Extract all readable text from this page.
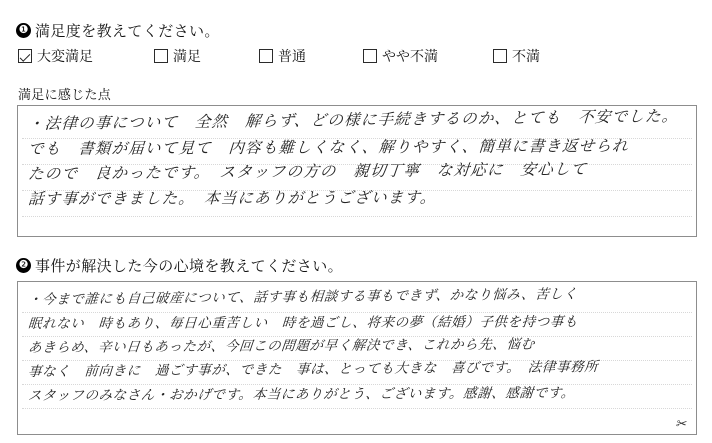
❶ 満足度を教えてください。
大変満足	満足	普通	やや不満	不満
満足に感じた点
・法律の事について　全然　解らず、どの様に手続きするのか、とても　不安でした。
でも　書類が届いて見て　内容も難しくなく、解りやすく、簡単に書き返せられ
たので　良かったです。　スタッフの方の　親切丁寧　な対応に　安心して
話す事ができました。　本当にありがとうございます。
❷ 事件が解決した今の心境を教えてください。
・今まで誰にも自己破産について、話す事も相談する事もできず、かなり悩み、苦しく
眠れない　時もあり、毎日心重苦しい　時を過ごし、将来の夢（結婚）子供を持つ事も
あきらめ、辛い日もあったが、今回この問題が早く解決でき、これから先、悩む
事なく　前向きに　過ごす事が、できた　事は、とっても大きな　喜びです。　法律事務所
スタッフのみなさん・おかげです。本当にありがとう、ございます。感謝、感謝です。
✂
